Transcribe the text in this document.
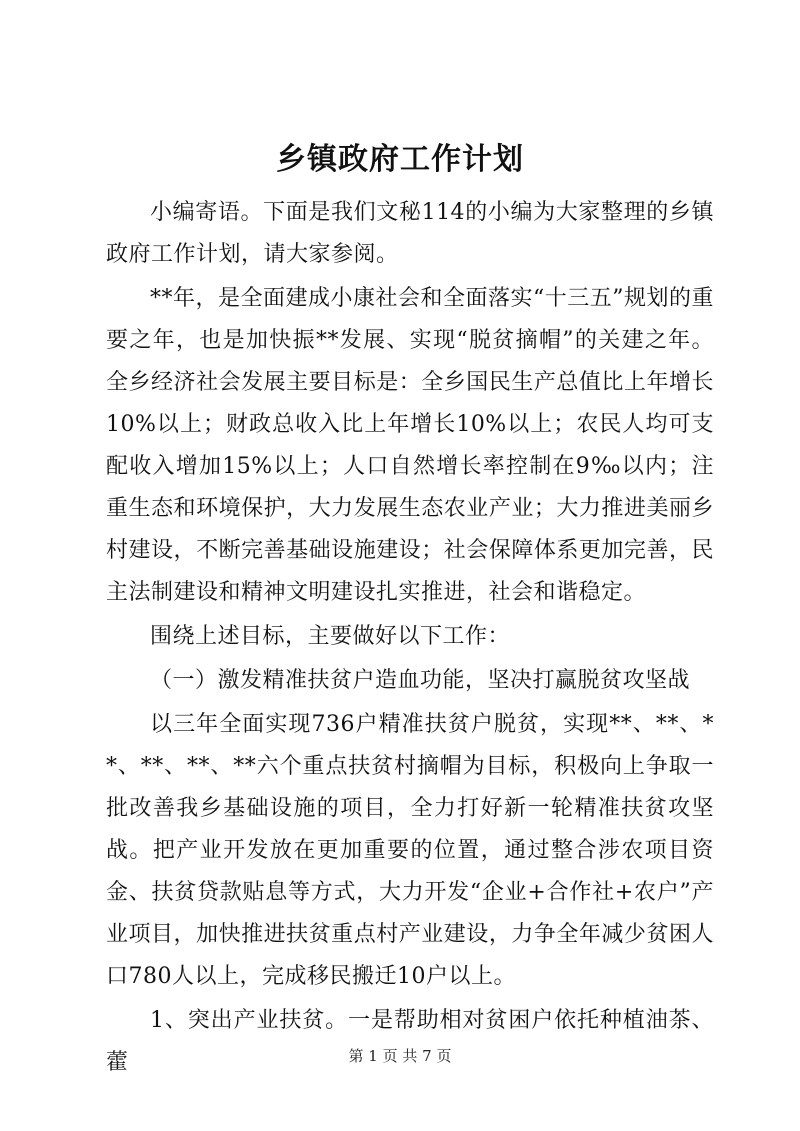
乡镇政府工作计划

小编寄语。下面是我们文秘114的小编为大家整理的乡镇政府工作计划，请大家参阅。

**年，是全面建成小康社会和全面落实“十三五”规划的重要之年，也是加快振**发展、实现“脱贫摘帽”的关建之年。全乡经济社会发展主要目标是：全乡国民生产总值比上年增长10%以上；财政总收入比上年增长10%以上；农民人均可支配收入增加15%以上；人口自然增长率控制在9‰以内；注重生态和环境保护，大力发展生态农业产业；大力推进美丽乡村建设，不断完善基础设施建设；社会保障体系更加完善，民主法制建设和精神文明建设扎实推进，社会和谐稳定。

围绕上述目标，主要做好以下工作：

（一）激发精准扶贫户造血功能，坚决打赢脱贫攻坚战

以三年全面实现736户精准扶贫户脱贫，实现**、**、**、**、**、**六个重点扶贫村摘帽为目标，积极向上争取一批改善我乡基础设施的项目，全力打好新一轮精准扶贫攻坚战。把产业开发放在更加重要的位置，通过整合涉农项目资金、扶贫贷款贴息等方式，大力开发“企业+合作社+农户”产业项目，加快推进扶贫重点村产业建设，力争全年减少贫困人口780人以上，完成移民搬迁10户以上。

1、突出产业扶贫。一是帮助相对贫困户依托种植油茶、藿	第 1 页 共 7 页
